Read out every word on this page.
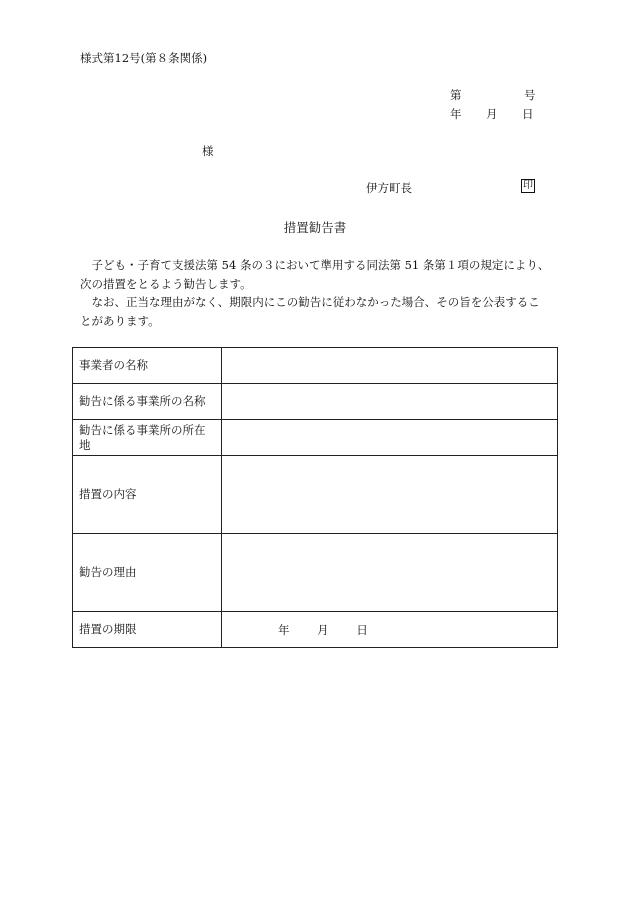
様式第12号(第８条関係)
第	号
年 月 日
様
伊方町長	印
措置勧告書
子ども・子育て支援法第 54 条の３において準用する同法第 51 条第１項の規定により、次の措置をとるよう勧告します。
なお、正当な理由がなく、期限内にこの勧告に従わなかった場合、その旨を公表することがあります。
事業者の名称	
勧告に係る事業所の名称	
勧告に係る事業所の所在地	
措置の内容	
勧告の理由	
措置の期限	年 月 日
